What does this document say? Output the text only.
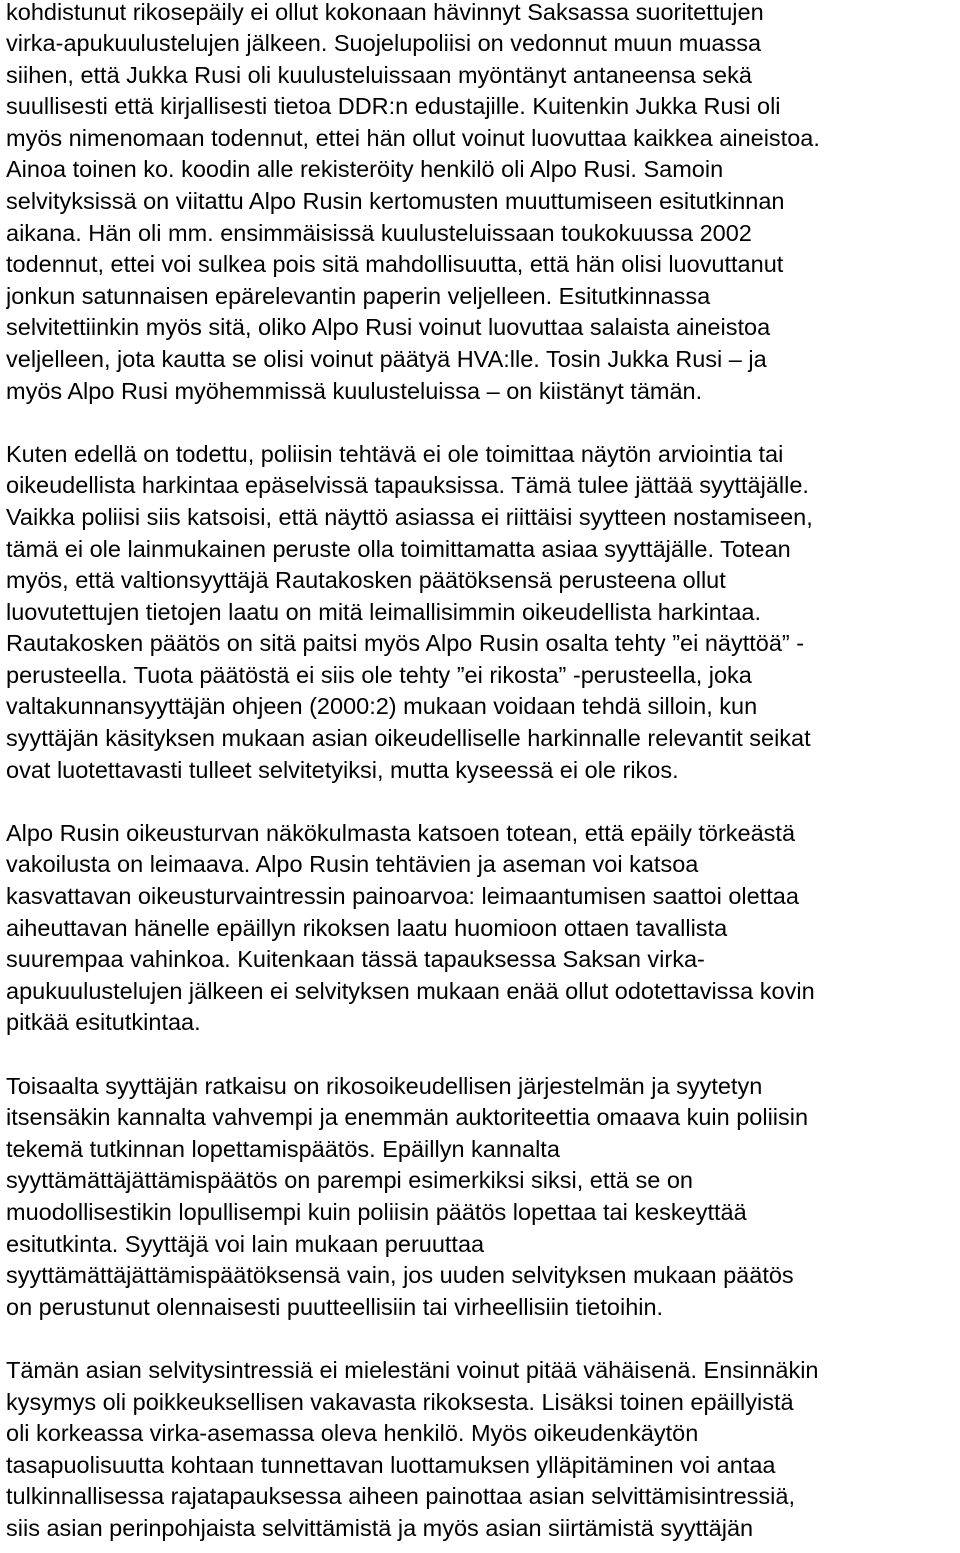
kohdistunut rikosepäily ei ollut kokonaan hävinnyt Saksassa suoritettujen
virka-apukuulustelujen jälkeen. Suojelupoliisi on vedonnut muun muassa
siihen, että Jukka Rusi oli kuulusteluissaan myöntänyt antaneensa sekä
suullisesti että kirjallisesti tietoa DDR:n edustajille. Kuitenkin Jukka Rusi oli
myös nimenomaan todennut, ettei hän ollut voinut luovuttaa kaikkea aineistoa.
Ainoa toinen ko. koodin alle rekisteröity henkilö oli Alpo Rusi. Samoin
selvityksissä on viitattu Alpo Rusin kertomusten muuttumiseen esitutkinnan
aikana. Hän oli mm. ensimmäisissä kuulusteluissaan toukokuussa 2002
todennut, ettei voi sulkea pois sitä mahdollisuutta, että hän olisi luovuttanut
jonkun satunnaisen epärelevantin paperin veljelleen. Esitutkinnassa
selvitettiinkin myös sitä, oliko Alpo Rusi voinut luovuttaa salaista aineistoa
veljelleen, jota kautta se olisi voinut päätyä HVA:lle. Tosin Jukka Rusi – ja
myös Alpo Rusi myöhemmissä kuulusteluissa – on kiistänyt tämän.
Kuten edellä on todettu, poliisin tehtävä ei ole toimittaa näytön arviointia tai
oikeudellista harkintaa epäselvissä tapauksissa. Tämä tulee jättää syyttäjälle.
Vaikka poliisi siis katsoisi, että näyttö asiassa ei riittäisi syytteen nostamiseen,
tämä ei ole lainmukainen peruste olla toimittamatta asiaa syyttäjälle. Totean
myös, että valtionsyyttäjä Rautakosken päätöksensä perusteena ollut
luovutettujen tietojen laatu on mitä leimallisimmin oikeudellista harkintaa.
Rautakosken päätös on sitä paitsi myös Alpo Rusin osalta tehty ”ei näyttöä” -
perusteella. Tuota päätöstä ei siis ole tehty ”ei rikosta” -perusteella, joka
valtakunnansyyttäjän ohjeen (2000:2) mukaan voidaan tehdä silloin, kun
syyttäjän käsityksen mukaan asian oikeudelliselle harkinnalle relevantit seikat
ovat luotettavasti tulleet selvitetyiksi, mutta kyseessä ei ole rikos.
Alpo Rusin oikeusturvan näkökulmasta katsoen totean, että epäily törkeästä
vakoilusta on leimaava. Alpo Rusin tehtävien ja aseman voi katsoa
kasvattavan oikeusturvaintressin painoarvoa: leimaantumisen saattoi olettaa
aiheuttavan hänelle epäillyn rikoksen laatu huomioon ottaen tavallista
suurempaa vahinkoa. Kuitenkaan tässä tapauksessa Saksan virka-
apukuulustelujen jälkeen ei selvityksen mukaan enää ollut odotettavissa kovin
pitkää esitutkintaa.
Toisaalta syyttäjän ratkaisu on rikosoikeudellisen järjestelmän ja syytetyn
itsensäkin kannalta vahvempi ja enemmän auktoriteettia omaava kuin poliisin
tekemä tutkinnan lopettamispäätös. Epäillyn kannalta
syyttämättäjättämispäätös on parempi esimerkiksi siksi, että se on
muodollisestikin lopullisempi kuin poliisin päätös lopettaa tai keskeyttää
esitutkinta. Syyttäjä voi lain mukaan peruuttaa
syyttämättäjättämispäätöksensä vain, jos uuden selvityksen mukaan päätös
on perustunut olennaisesti puutteellisiin tai virheellisiin tietoihin.
Tämän asian selvitysintressiä ei mielestäni voinut pitää vähäisenä. Ensinnäkin
kysymys oli poikkeuksellisen vakavasta rikoksesta. Lisäksi toinen epäillyistä
oli korkeassa virka-asemassa oleva henkilö. Myös oikeudenkäytön
tasapuolisuutta kohtaan tunnettavan luottamuksen ylläpitäminen voi antaa
tulkinnallisessa rajatapauksessa aiheen painottaa asian selvittämisintressiä,
siis asian perinpohjaista selvittämistä ja myös asian siirtämistä syyttäjän
